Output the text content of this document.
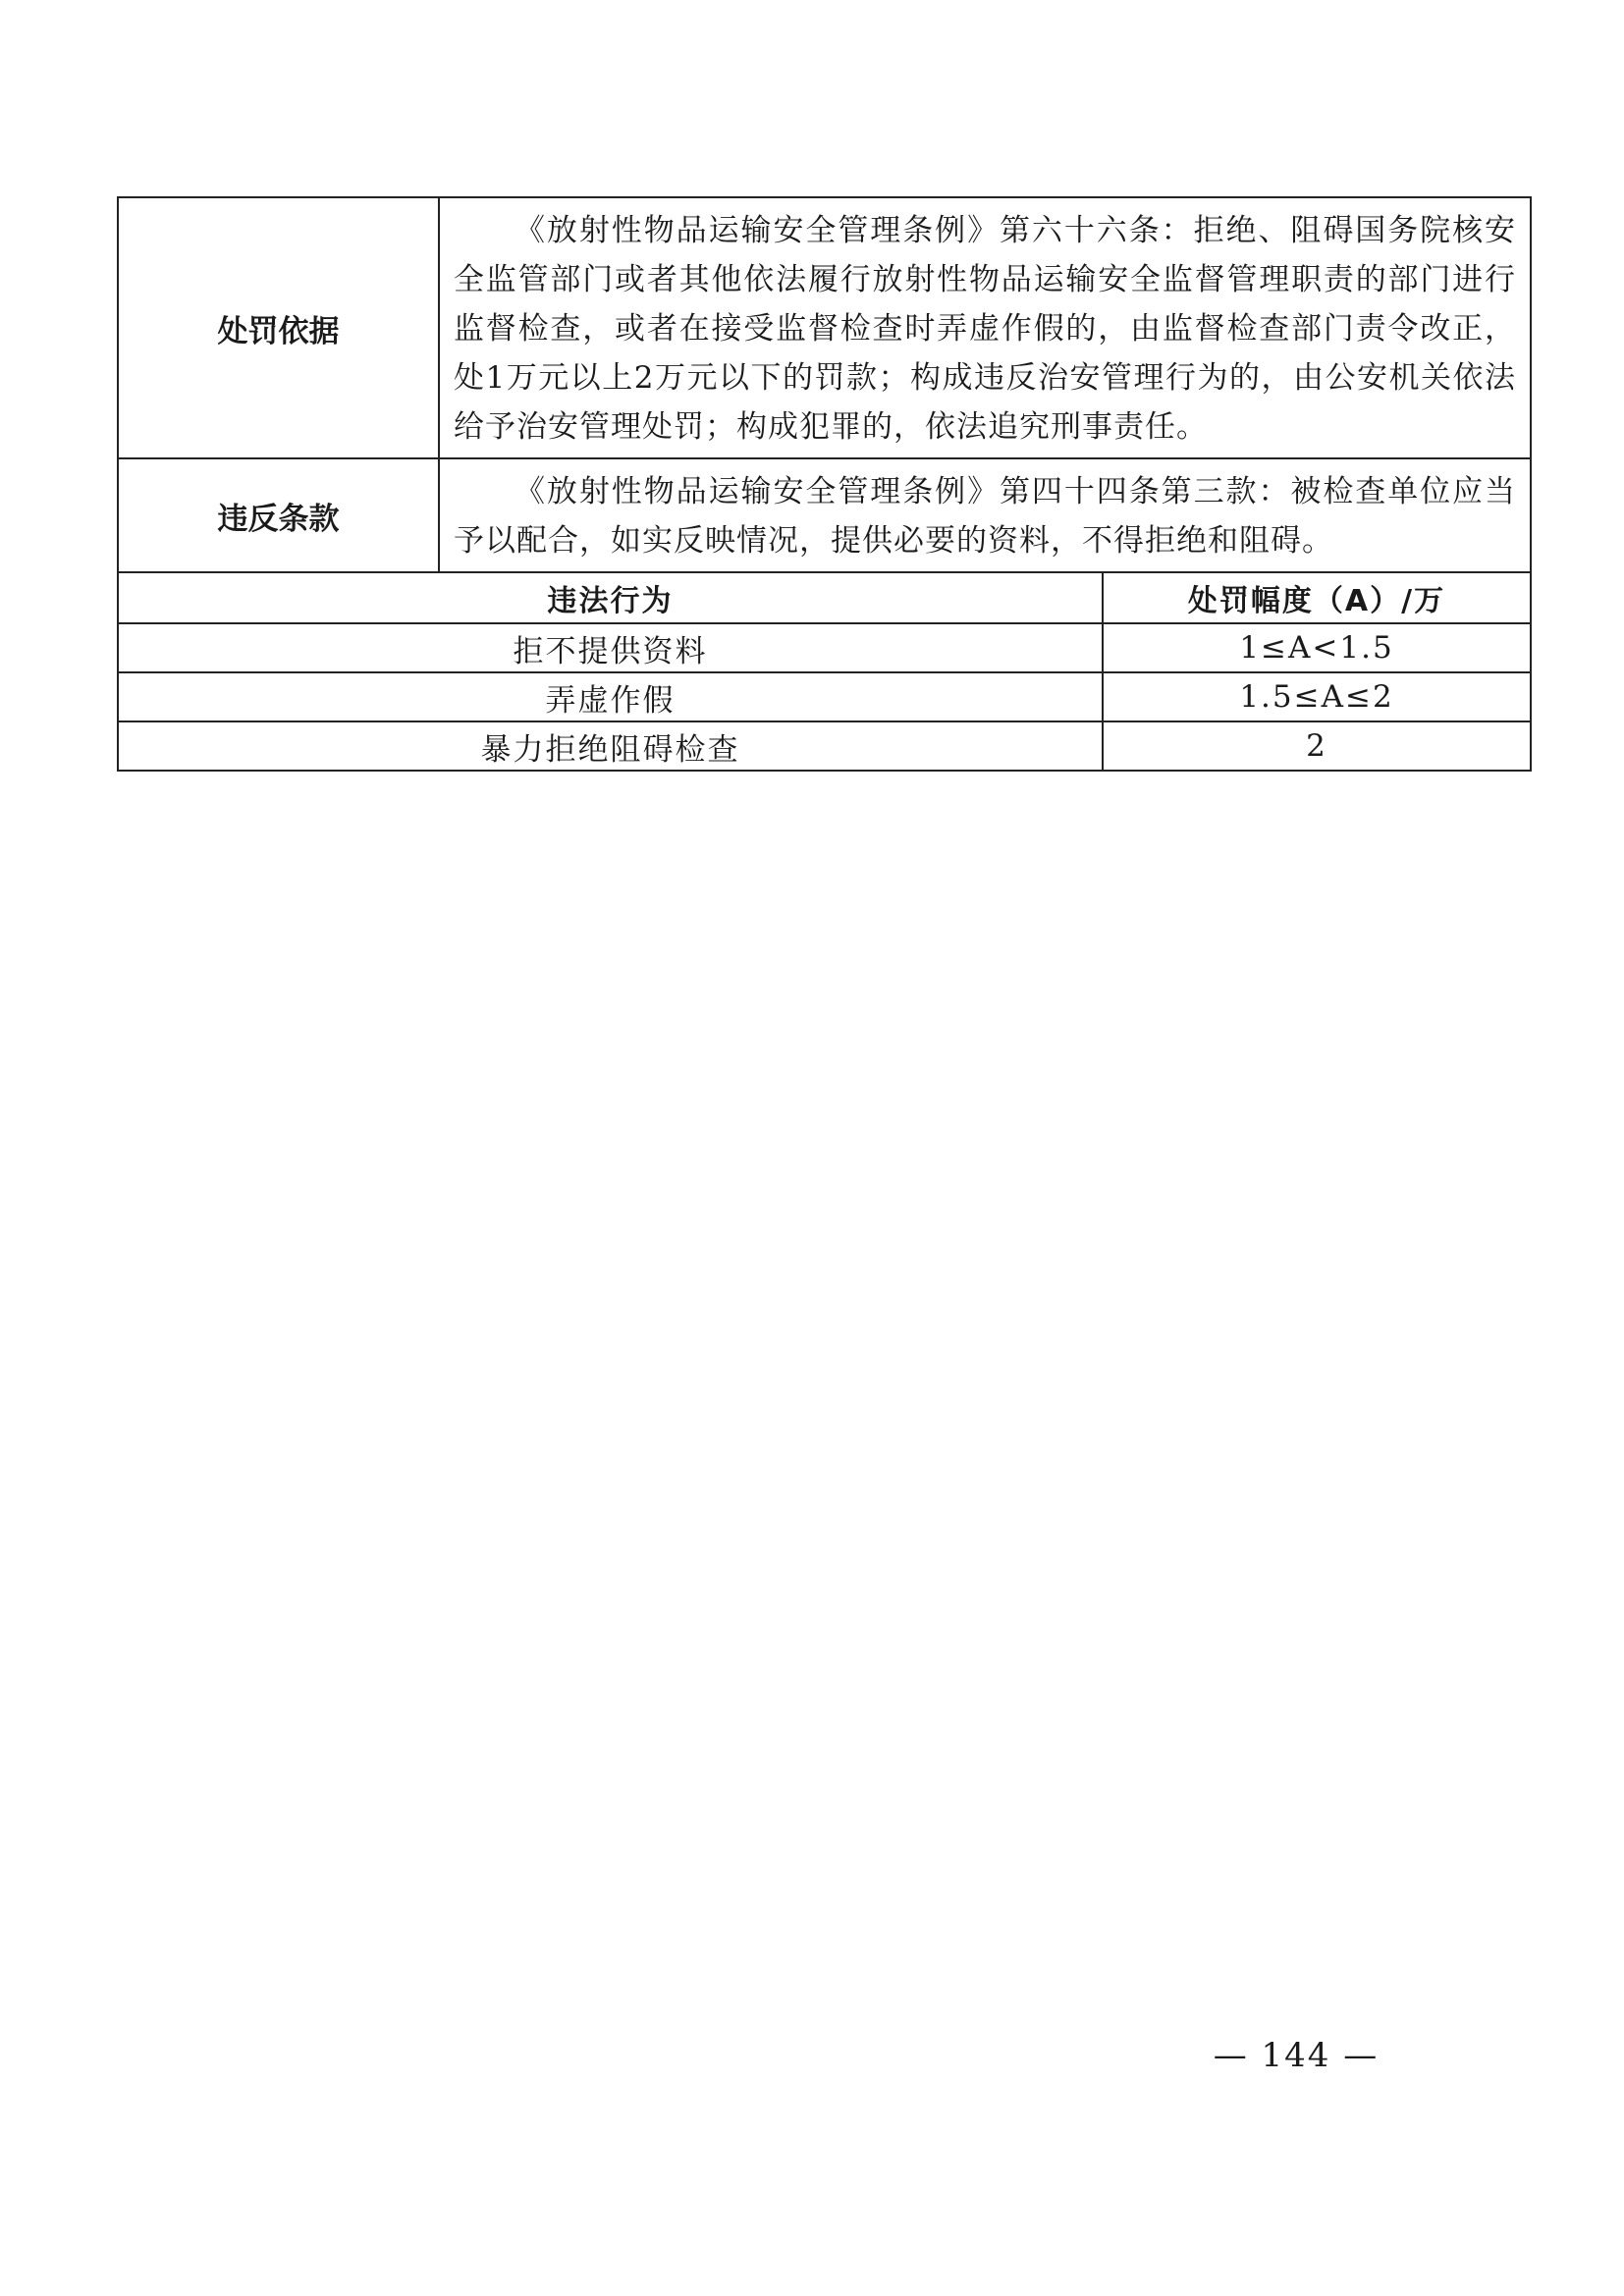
处罚依据	《放射性物品运输安全管理条例》第六十六条：拒绝、阻碍国务院核安全监管部门或者其他依法履行放射性物品运输安全监督管理职责的部门进行监督检查，或者在接受监督检查时弄虚作假的，由监督检查部门责令改正，处1万元以上2万元以下的罚款；构成违反治安管理行为的，由公安机关依法给予治安管理处罚；构成犯罪的，依法追究刑事责任。
违反条款	《放射性物品运输安全管理条例》第四十四条第三款：被检查单位应当予以配合，如实反映情况，提供必要的资料，不得拒绝和阻碍。
违法行为	处罚幅度（A）/万
拒不提供资料	1≤A<1.5
弄虚作假	1.5≤A≤2
暴力拒绝阻碍检查	2
— 144 —
